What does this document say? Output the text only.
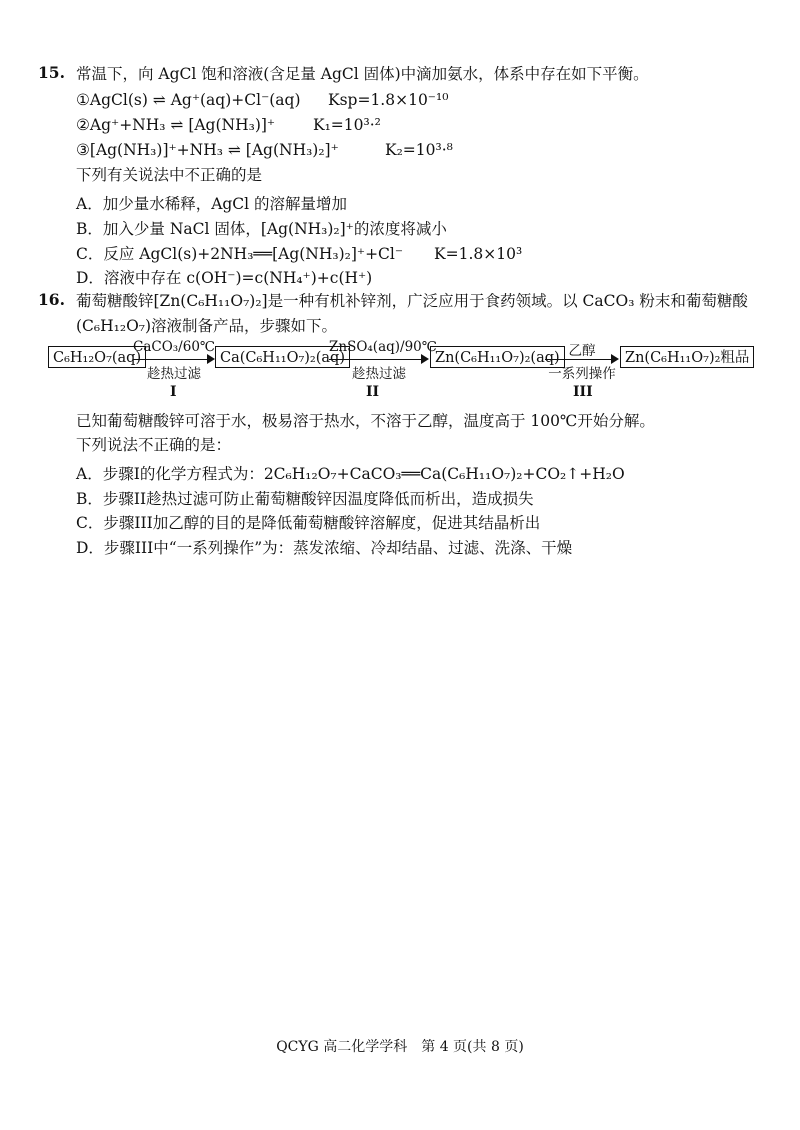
15. 常温下，向 AgCl 饱和溶液(含足量 AgCl 固体)中滴加氨水，体系中存在如下平衡。
①AgCl(s) ⇌ Ag⁺(aq)+Cl⁻(aq) Ksp=1.8×10⁻¹⁰
②Ag⁺+NH₃ ⇌ [Ag(NH₃)]⁺ K₁=10³·²
③[Ag(NH₃)]⁺+NH₃ ⇌ [Ag(NH₃)₂]⁺	K₂=10³·⁸
下列有关说法中不正确的是
A．加少量水稀释，AgCl 的溶解量增加
B．加入少量 NaCl 固体，[Ag(NH₃)₂]⁺的浓度将减小
C．反应 AgCl(s)+2NH₃══[Ag(NH₃)₂]⁺+Cl⁻　　K=1.8×10³
D．溶液中存在 c(OH⁻)=c(NH₄⁺)+c(H⁺)
16. 葡萄糖酸锌[Zn(C₆H₁₁O₇)₂]是一种有机补锌剂，广泛应用于食药领域。以 CaCO₃ 粉末和葡萄糖酸
(C₆H₁₂O₇)溶液制备产品，步骤如下。
C₆H₁₂O₇(aq)
CaCO₃/60℃
趁热过滤
Ca(C₆H₁₁O₇)₂(aq)
ZnSO₄(aq)/90℃
趁热过滤
Zn(C₆H₁₁O₇)₂(aq) 乙醇
一系列操作
Zn(C₆H₁₁O₇)₂粗品
I	II	III
已知葡萄糖酸锌可溶于水，极易溶于热水，不溶于乙醇，温度高于 100℃开始分解。
下列说法不正确的是：
A．步骤I的化学方程式为：2C₆H₁₂O₇+CaCO₃══Ca(C₆H₁₁O₇)₂+CO₂↑+H₂O
B．步骤II趁热过滤可防止葡萄糖酸锌因温度降低而析出，造成损失
C．步骤III加乙醇的目的是降低葡萄糖酸锌溶解度，促进其结晶析出
D．步骤III中“一系列操作”为：蒸发浓缩、冷却结晶、过滤、洗涤、干燥
QCYG 高二化学学科　第 4 页(共 8 页)
